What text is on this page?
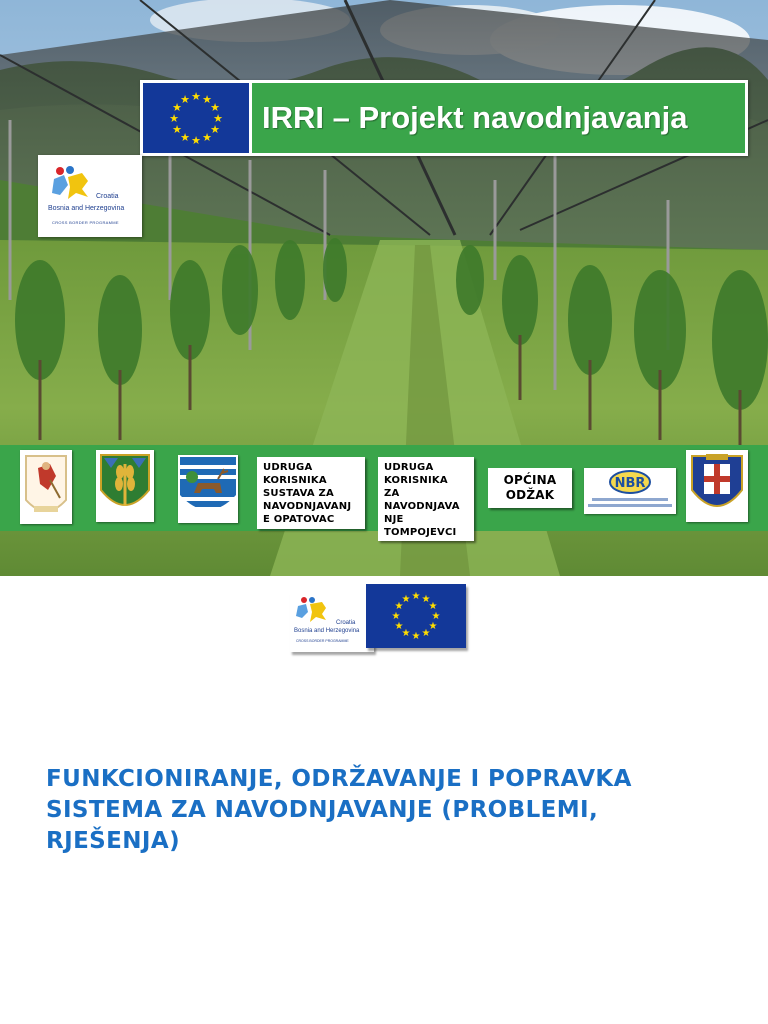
★ ★
★
★
★
★
★
★
★
★
★
★
IRRI – Projekt navodnjavanja
Croatia
Bosnia and Herzegovina
CROSS BORDER PROGRAMME
UDRUGA
KORISNIKA
SUSTAVA ZA
NAVODNJAVANJ
E OPATOVAC
UDRUGA
KORISNIKA
ZA
NAVODNJAVA
NJE
TOMPOJEVCI
OPĆINA
ODŽAK
NBR
Croatia
Bosnia and Herzegovina
CROSS BORDER PROGRAMME
★ ★
★
★
★
★
★
★
★
★
★
★
FUNKCIONIRANJE, ODRŽAVANJE I POPRAVKA SISTEMA ZA NAVODNJAVANJE (PROBLEMI, RJEŠENJA)
